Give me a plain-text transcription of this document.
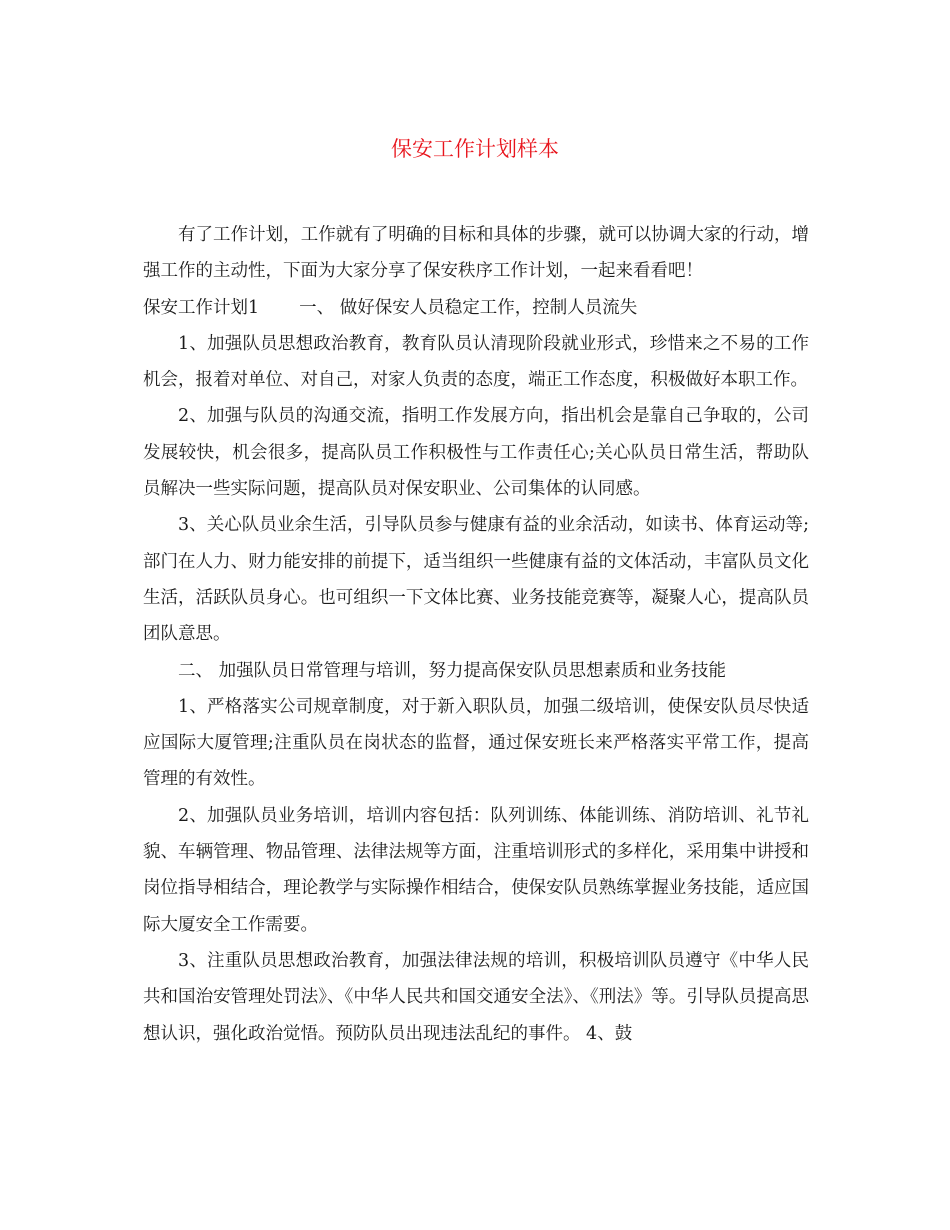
保安工作计划样本

有了工作计划，工作就有了明确的目标和具体的步骤，就可以协调大家的行动，增强工作的主动性，下面为大家分享了保安秩序工作计划，一起来看看吧！

保安工作计划1 一、 做好保安人员稳定工作，控制人员流失

1、加强队员思想政治教育，教育队员认清现阶段就业形式，珍惜来之不易的工作机会，报着对单位、对自己，对家人负责的态度，端正工作态度，积极做好本职工作。

2、加强与队员的沟通交流，指明工作发展方向，指出机会是靠自己争取的，公司发展较快，机会很多，提高队员工作积极性与工作责任心;关心队员日常生活，帮助队员解决一些实际问题，提高队员对保安职业、公司集体的认同感。

3、关心队员业余生活，引导队员参与健康有益的业余活动，如读书、体育运动等;部门在人力、财力能安排的前提下，适当组织一些健康有益的文体活动，丰富队员文化生活，活跃队员身心。也可组织一下文体比赛、业务技能竞赛等，凝聚人心，提高队员团队意思。

二、 加强队员日常管理与培训，努力提高保安队员思想素质和业务技能

1、严格落实公司规章制度，对于新入职队员，加强二级培训，使保安队员尽快适应国际大厦管理;注重队员在岗状态的监督，通过保安班长来严格落实平常工作，提高管理的有效性。

2、加强队员业务培训，培训内容包括：队列训练、体能训练、消防培训、礼节礼貌、车辆管理、物品管理、法律法规等方面，注重培训形式的多样化，采用集中讲授和岗位指导相结合，理论教学与实际操作相结合，使保安队员熟练掌握业务技能，适应国际大厦安全工作需要。

3、注重队员思想政治教育，加强法律法规的培训，积极培训队员遵守《中华人民共和国治安管理处罚法》、《中华人民共和国交通安全法》、《刑法》等。引导队员提高思想认识，强化政治觉悟。预防队员出现违法乱纪的事件。 4、鼓
